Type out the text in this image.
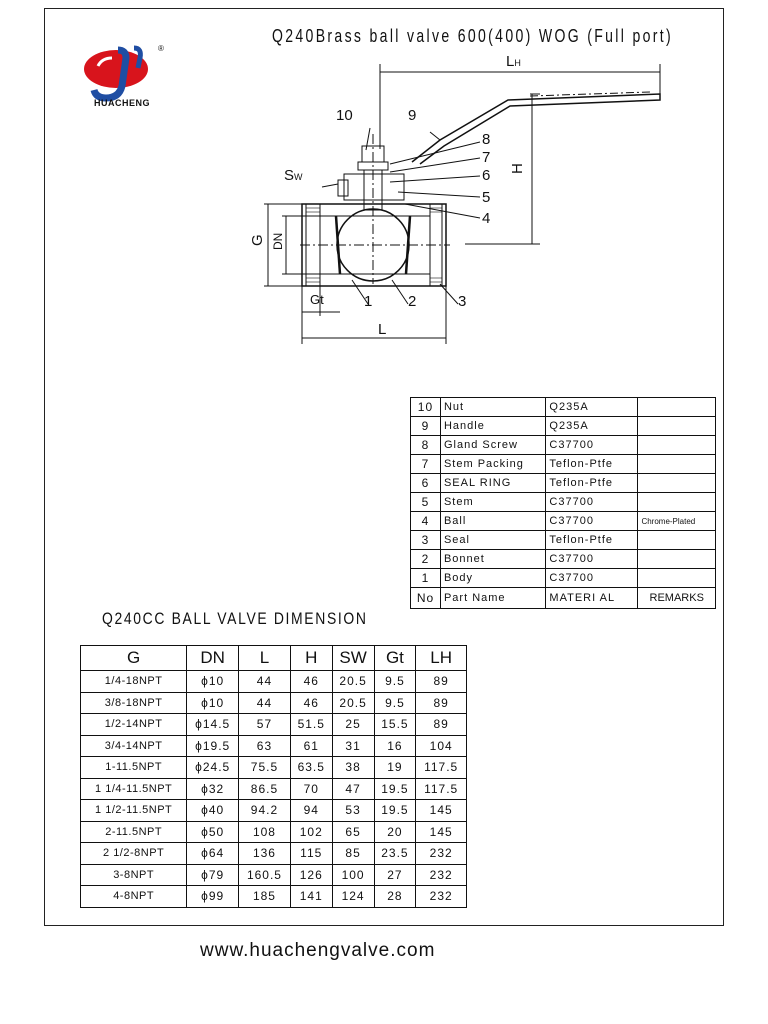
®
HUACHENG
Q240Brass ball valve 600(400) WOG (Full port)
10	9
8
7
6
5
4
1 2	3
LH
H
SW
G DN
Gt
L
10	Nut	Q235A	
9	Handle	Q235A	
8	Gland Screw	C37700	
7	Stem Packing	Teflon-Ptfe	
6	SEAL RING	Teflon-Ptfe	
5	Stem	C37700	
4	Ball	C37700	Chrome-Plated
3	Seal	Teflon-Ptfe	
2	Bonnet	C37700	
1	Body	C37700	
No	Part Name	MATERI AL	REMARKS
Q240CC BALL VALVE DIMENSION
G	DN	L	H	SW	Gt	LH
1/4-18NPT	ϕ10	44	46	20.5	9.5	89
3/8-18NPT	ϕ10	44	46	20.5	9.5	89
1/2-14NPT	ϕ14.5	57	51.5	25	15.5	89
3/4-14NPT	ϕ19.5	63	61	31	16	104
1-11.5NPT	ϕ24.5	75.5	63.5	38	19	117.5
1 1/4-11.5NPT	ϕ32	86.5	70	47	19.5	117.5
1 1/2-11.5NPT	ϕ40	94.2	94	53	19.5	145
2-11.5NPT	ϕ50	108	102	65	20	145
2 1/2-8NPT	ϕ64	136	115	85	23.5	232
3-8NPT	ϕ79	160.5	126	100	27	232
4-8NPT	ϕ99	185	141	124	28	232
www.huachengvalve.com
